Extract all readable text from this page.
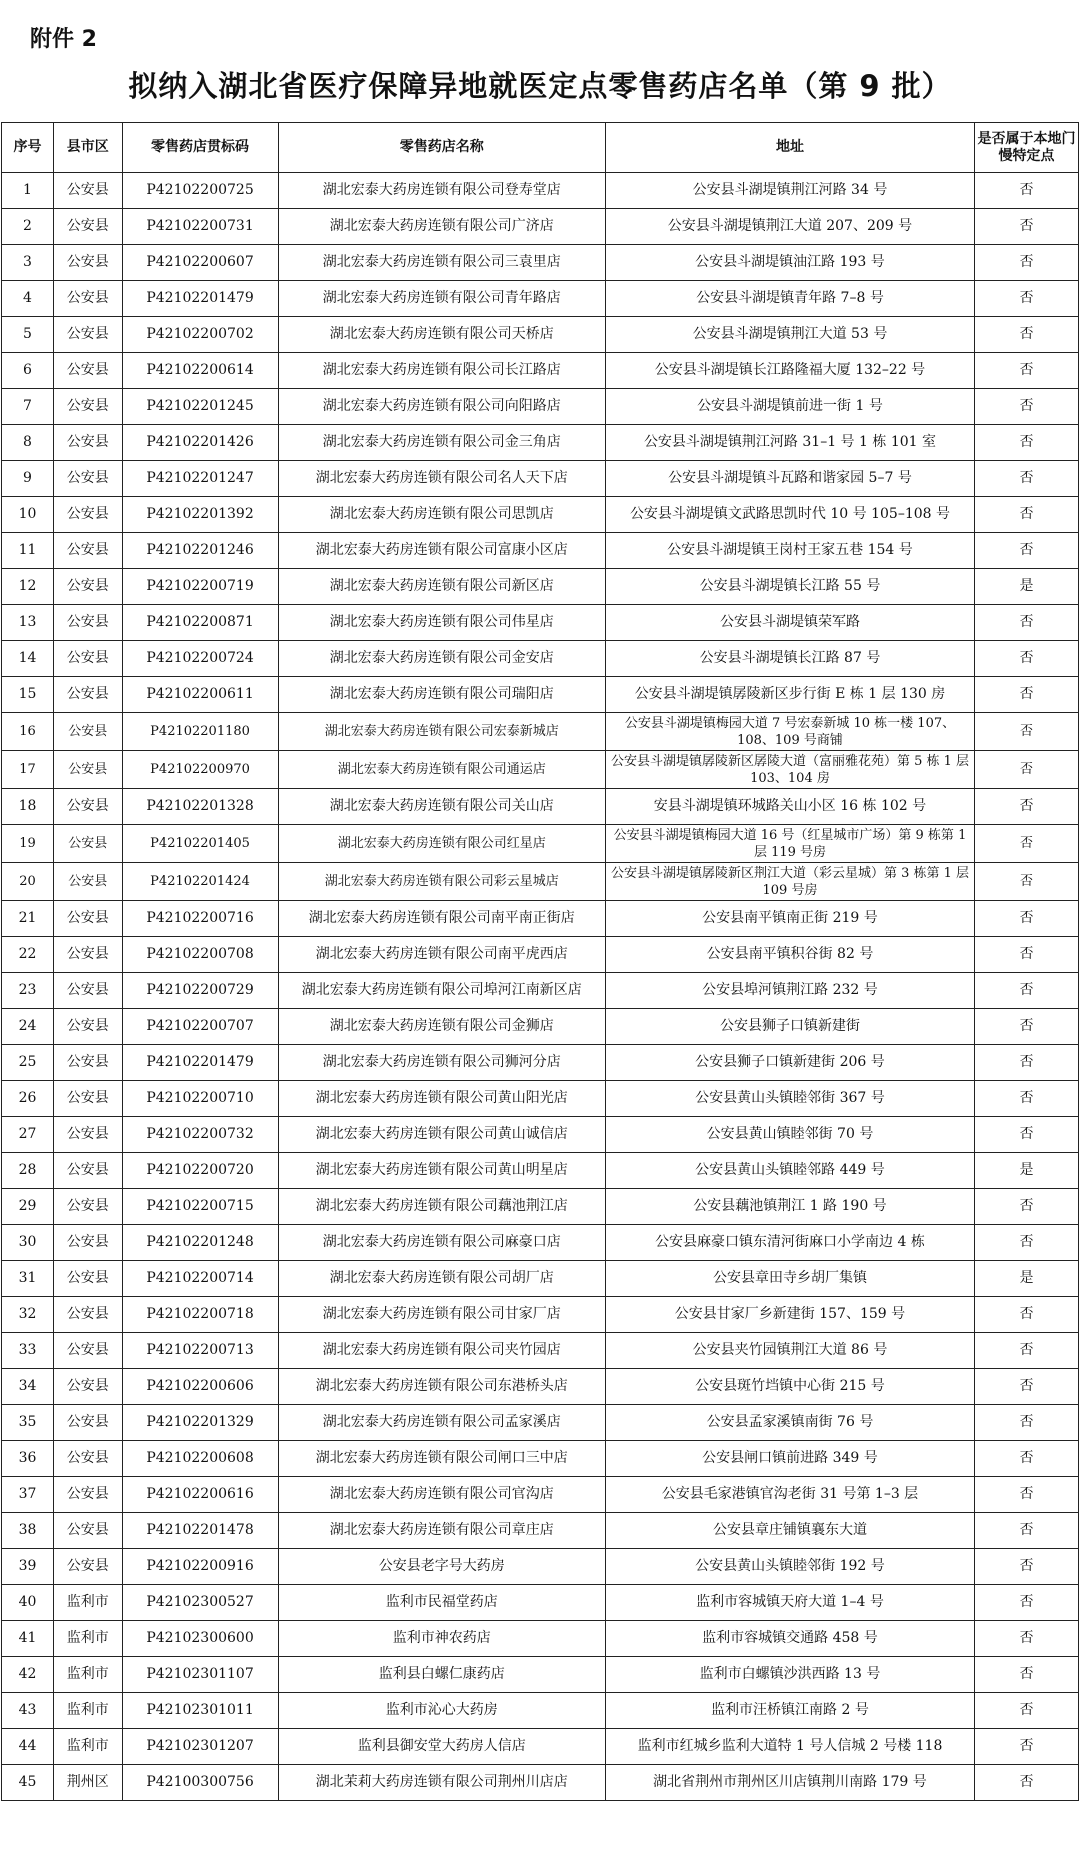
附件 2
拟纳入湖北省医疗保障异地就医定点零售药店名单（第 9 批）
序号	县市区	零售药店贯标码	零售药店名称	地址	是否属于本地门慢特定点
1	公安县	P42102200725	湖北宏泰大药房连锁有限公司登寿堂店	公安县斗湖堤镇荆江河路 34 号	否
2	公安县	P42102200731	湖北宏泰大药房连锁有限公司广济店	公安县斗湖堤镇荆江大道 207、209 号	否
3	公安县	P42102200607	湖北宏泰大药房连锁有限公司三袁里店	公安县斗湖堤镇油江路 193 号	否
4	公安县	P42102201479	湖北宏泰大药房连锁有限公司青年路店	公安县斗湖堤镇青年路 7–8 号	否
5	公安县	P42102200702	湖北宏泰大药房连锁有限公司天桥店	公安县斗湖堤镇荆江大道 53 号	否
6	公安县	P42102200614	湖北宏泰大药房连锁有限公司长江路店	公安县斗湖堤镇长江路隆福大厦 132–22 号	否
7	公安县	P42102201245	湖北宏泰大药房连锁有限公司向阳路店	公安县斗湖堤镇前进一街 1 号	否
8	公安县	P42102201426	湖北宏泰大药房连锁有限公司金三角店	公安县斗湖堤镇荆江河路 31–1 号 1 栋 101 室	否
9	公安县	P42102201247	湖北宏泰大药房连锁有限公司名人天下店	公安县斗湖堤镇斗瓦路和谐家园 5–7 号	否
10	公安县	P42102201392	湖北宏泰大药房连锁有限公司思凯店	公安县斗湖堤镇文武路思凯时代 10 号 105–108 号	否
11	公安县	P42102201246	湖北宏泰大药房连锁有限公司富康小区店	公安县斗湖堤镇王岗村王家五巷 154 号	否
12	公安县	P42102200719	湖北宏泰大药房连锁有限公司新区店	公安县斗湖堤镇长江路 55 号	是
13	公安县	P42102200871	湖北宏泰大药房连锁有限公司伟星店	公安县斗湖堤镇荣军路	否
14	公安县	P42102200724	湖北宏泰大药房连锁有限公司金安店	公安县斗湖堤镇长江路 87 号	否
15	公安县	P42102200611	湖北宏泰大药房连锁有限公司瑞阳店	公安县斗湖堤镇孱陵新区步行街 E 栋 1 层 130 房	否
16	公安县	P42102201180	湖北宏泰大药房连锁有限公司宏泰新城店	公安县斗湖堤镇梅园大道 7 号宏泰新城 10 栋一楼 107、108、109 号商铺	否
17	公安县	P42102200970	湖北宏泰大药房连锁有限公司通运店	公安县斗湖堤镇孱陵新区孱陵大道（富丽雅花苑）第 5 栋 1 层 103、104 房	否
18	公安县	P42102201328	湖北宏泰大药房连锁有限公司关山店	安县斗湖堤镇环城路关山小区 16 栋 102 号	否
19	公安县	P42102201405	湖北宏泰大药房连锁有限公司红星店	公安县斗湖堤镇梅园大道 16 号（红星城市广场）第 9 栋第 1 层 119 号房	否
20	公安县	P42102201424	湖北宏泰大药房连锁有限公司彩云星城店	公安县斗湖堤镇孱陵新区荆江大道（彩云星城）第 3 栋第 1 层 109 号房	否
21	公安县	P42102200716	湖北宏泰大药房连锁有限公司南平南正街店	公安县南平镇南正街 219 号	否
22	公安县	P42102200708	湖北宏泰大药房连锁有限公司南平虎西店	公安县南平镇积谷街 82 号	否
23	公安县	P42102200729	湖北宏泰大药房连锁有限公司埠河江南新区店	公安县埠河镇荆江路 232 号	否
24	公安县	P42102200707	湖北宏泰大药房连锁有限公司金狮店	公安县狮子口镇新建街	否
25	公安县	P42102201479	湖北宏泰大药房连锁有限公司狮河分店	公安县狮子口镇新建街 206 号	否
26	公安县	P42102200710	湖北宏泰大药房连锁有限公司黄山阳光店	公安县黄山头镇睦邻街 367 号	否
27	公安县	P42102200732	湖北宏泰大药房连锁有限公司黄山诚信店	公安县黄山镇睦邻街 70 号	否
28	公安县	P42102200720	湖北宏泰大药房连锁有限公司黄山明星店	公安县黄山头镇睦邻路 449 号	是
29	公安县	P42102200715	湖北宏泰大药房连锁有限公司藕池荆江店	公安县藕池镇荆江 1 路 190 号	否
30	公安县	P42102201248	湖北宏泰大药房连锁有限公司麻豪口店	公安县麻豪口镇东清河街麻口小学南边 4 栋	否
31	公安县	P42102200714	湖北宏泰大药房连锁有限公司胡厂店	公安县章田寺乡胡厂集镇	是
32	公安县	P42102200718	湖北宏泰大药房连锁有限公司甘家厂店	公安县甘家厂乡新建街 157、159 号	否
33	公安县	P42102200713	湖北宏泰大药房连锁有限公司夹竹园店	公安县夹竹园镇荆江大道 86 号	否
34	公安县	P42102200606	湖北宏泰大药房连锁有限公司东港桥头店	公安县斑竹垱镇中心街 215 号	否
35	公安县	P42102201329	湖北宏泰大药房连锁有限公司孟家溪店	公安县孟家溪镇南街 76 号	否
36	公安县	P42102200608	湖北宏泰大药房连锁有限公司闸口三中店	公安县闸口镇前进路 349 号	否
37	公安县	P42102200616	湖北宏泰大药房连锁有限公司官沟店	公安县毛家港镇官沟老街 31 号第 1–3 层	否
38	公安县	P42102201478	湖北宏泰大药房连锁有限公司章庄店	公安县章庄铺镇襄东大道	否
39	公安县	P42102200916	公安县老字号大药房	公安县黄山头镇睦邻街 192 号	否
40	监利市	P42102300527	监利市民福堂药店	监利市容城镇天府大道 1–4 号	否
41	监利市	P42102300600	监利市神农药店	监利市容城镇交通路 458 号	否
42	监利市	P42102301107	监利县白螺仁康药店	监利市白螺镇沙洪西路 13 号	否
43	监利市	P42102301011	监利市沁心大药房	监利市汪桥镇江南路 2 号	否
44	监利市	P42102301207	监利县御安堂大药房人信店	监利市红城乡监利大道特 1 号人信城 2 号楼 118	否
45	荆州区	P42100300756	湖北茉莉大药房连锁有限公司荆州川店店	湖北省荆州市荆州区川店镇荆川南路 179 号	否
